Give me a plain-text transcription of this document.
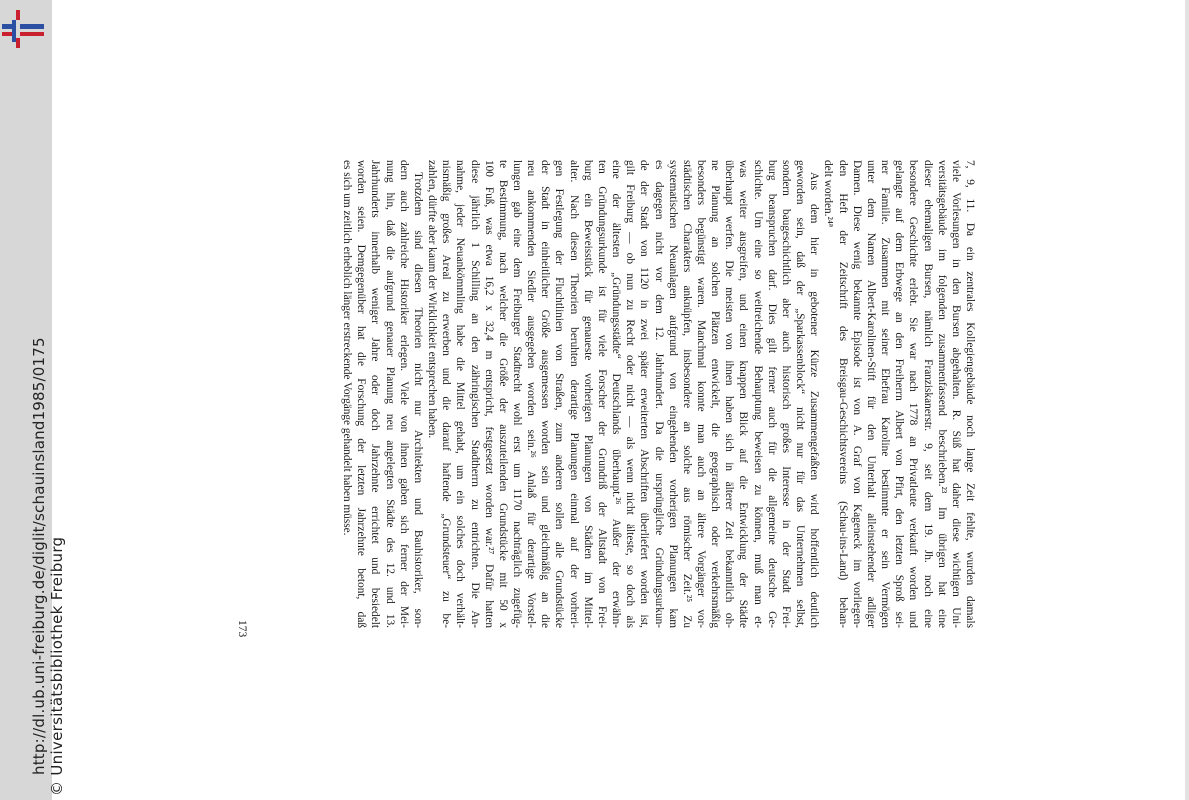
http://dl.ub.uni-freiburg.de/diglit/schauinsland1985/0175 © Universitätsbibliothek Freiburg
7, 9, 11. Da ein zentrales Kollegiengebäude noch lange Zeit fehlte, wurden damals
viele Vorlesungen in den Bursen abgehalten. R. Süß hat daher diese wichtigen Uni-
versitätsgebäude im folgenden zusammenfassend beschrieben.²³ Im übrigen hat eine
dieser ehemaligen Bursen, nämlich Franziskanerstr. 9, seit dem 19. Jh. noch eine
besondere Geschichte erlebt. Sie war nach 1778 an Privatleute verkauft worden und
gelangte auf dem Erbwege an den Freiherrn Albert von Pfirt, den letzten Sproß sei-
ner Familie. Zusammen mit seiner Ehefrau Karoline bestimmte er sein Vermögen
unter dem Namen Albert-Karolinen-Stift für den Unterhalt alleinstehender adliger
Damen. Diese wenig bekannte Episode ist von A. Graf von Kageneck im vorliegen-
den Heft der Zeitschrift des Breisgau-Geschichtsvereins (Schau-ins-Land) behan-
delt worden.²⁴ª
Aus dem hier in gebotener Kürze Zusammengefaßten wird hoffentlich deutlich
geworden sein, daß der „Sparkassenblock“ nicht nur für das Unternehmen selbst,
sondern baugeschichtlich aber auch historisch großes Interesse in der Stadt Frei-
burg beanspruchen darf. Dies gilt ferner auch für die allgemeine deutsche Ge-
schichte. Um eine so weitreichende Behauptung beweisen zu können, muß man et-
was weiter ausgreifen, und einen knappen Blick auf die Entwicklung der Städte
überhaupt werfen. Die meisten von ihnen haben sich in älterer Zeit bekanntlich oh-
ne Planung an solchen Plätzen entwickelt, die geographisch oder verkehrsmäßig
besonders begünstigt waren. Manchmal konnte man auch an ältere Vorgänger vor-
städtischen Charakters anknüpfen, insbesondere an solche aus römischer Zeit.²⁵ Zu
systematischen Neuanlagen aufgrund von eingehenden vorherigen Planungen kam
es dagegen nicht vor dem 12. Jahrhundert. Da die ursprüngliche Gründungsurkun-
de der Stadt von 1120 in zwei später erweiterten Abschriften überliefert worden ist,
gilt Freiburg — ob nun zu Recht oder nicht — als wenn nicht älteste, so doch als
eine der ältesten „Gründungsstädte“ Deutschlands überhaupt.²⁶ Außer der erwähn-
ten Gründungsurkunde ist für viele Forscher der Grundriß der Altstadt von Frei-
burg ein Beweisstück für genaueste vorherigen Planungen von Städten im Mittel-
alter. Nach diesen Theorien beruhten derartige Planungen einmal auf der vorheri-
gen Festlegung der Fluchtlinien von Straßen, zum anderen sollen alle Grundstücke
der Stadt in einheitlicher Größe ausgemessen worden sein und gleichmäßig an die
neu ankommenden Siedler ausgegeben worden sein.²⁶ Anlaß für derartige Vorstel-
lungen gab eine dem Freiburger Stadtrecht wohl erst um 1170 nachträglich zugefüg-
te Bestimmung, nach welcher die Größe der auszuteilenden Grundstücke mit 50 x
100 Fuß, was etwa 16,2 x 32,4 m entspricht, festgesetzt worden war.²⁷ Dafür hatten
diese jährlich 1 Schilling an den zähringischen Stadtherrn zu entrichten. Die An-
nahme, jeder Neuankömmling habe die Mittel gehabt, um ein solches doch verhält-
nismäßig großes Areal zu erwerben und die darauf haftende „Grundsteuer“ zu be-
zahlen, dürfte aber kaum der Wirklichkeit entsprechen haben.
Trotzdem sind diesen Theorien nicht nur Architekten und Bauhistoriker, son-
dern auch zahlreiche Historiker erlegen. Viele von ihnen gaben sich ferner der Mei-
nung hin, daß die aufgrund genauer Planung neu angelegten Städte des 12. und 13.
Jahrhunderts innerhalb weniger Jahre oder doch Jahrzehnte errichtet und besiedelt
worden seien. Demgegenüber hat die Forschung der letzten Jahrzehnte betont, daß
es sich um zeitlich erheblich länger erstreckende Vorgänge gehandelt haben müsse.
173
